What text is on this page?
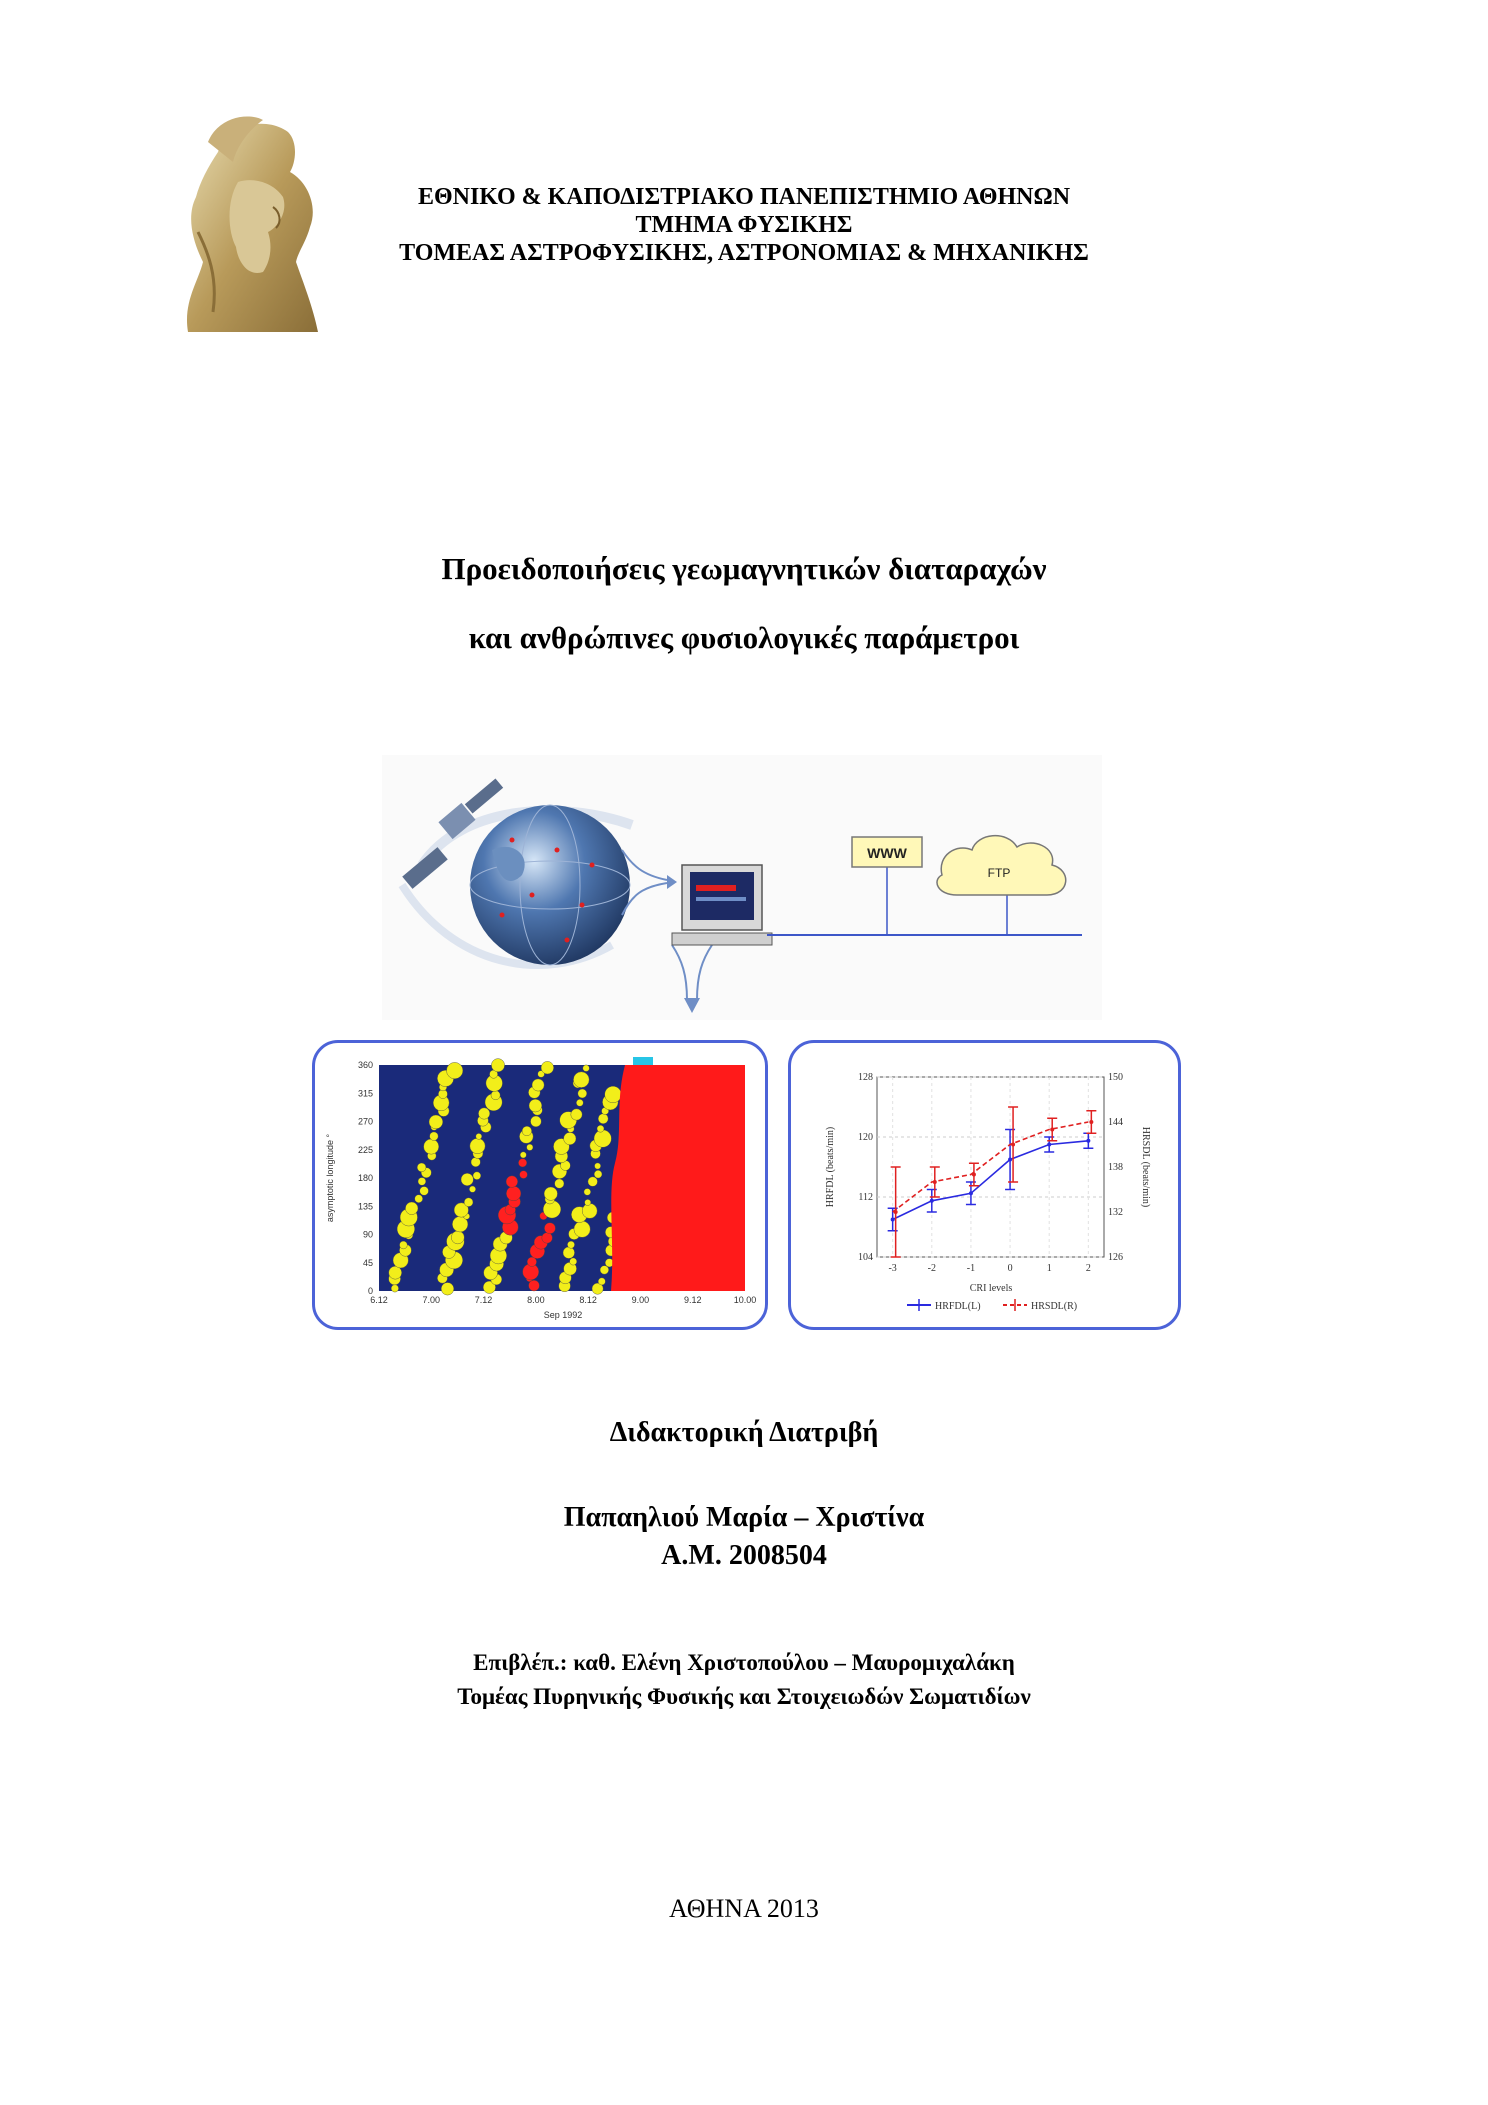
ΕΘΝΙΚΟ & ΚΑΠΟΔΙΣΤΡΙΑΚΟ ΠΑΝΕΠΙΣΤΗΜΙΟ ΑΘΗΝΩΝ
ΤΜΗΜΑ ΦΥΣΙΚΗΣ
ΤΟΜΕΑΣ ΑΣΤΡΟΦΥΣΙΚΗΣ, ΑΣΤΡΟΝΟΜΙΑΣ & ΜΗΧΑΝΙΚΗΣ
Προειδοποιήσεις γεωμαγνητικών διαταραχών
και ανθρώπινες φυσιολογικές παράμετροι
WWW
FTP
360
315
270
225
180
135
90
45
0
6.12	7.00	7.12	8.00	8.12	9.00	9.12	10.00
asymptotic longitude °
Sep 1992
104
112
120
128
126
132
138
144
150
-3	-2	-1	0	1	2
HRFDL (beats/min)	HRSDL (beats/min)
CRI levels
HRFDL(L)	HRSDL(R)
Διδακτορική Διατριβή
Παπαηλιού Μαρία – Χριστίνα
Α.Μ. 2008504
Επιβλέπ.: καθ. Ελένη Χριστοπούλου – Μαυρομιχαλάκη
Τομέας Πυρηνικής Φυσικής και Στοιχειωδών Σωματιδίων
ΑΘΗΝΑ 2013
